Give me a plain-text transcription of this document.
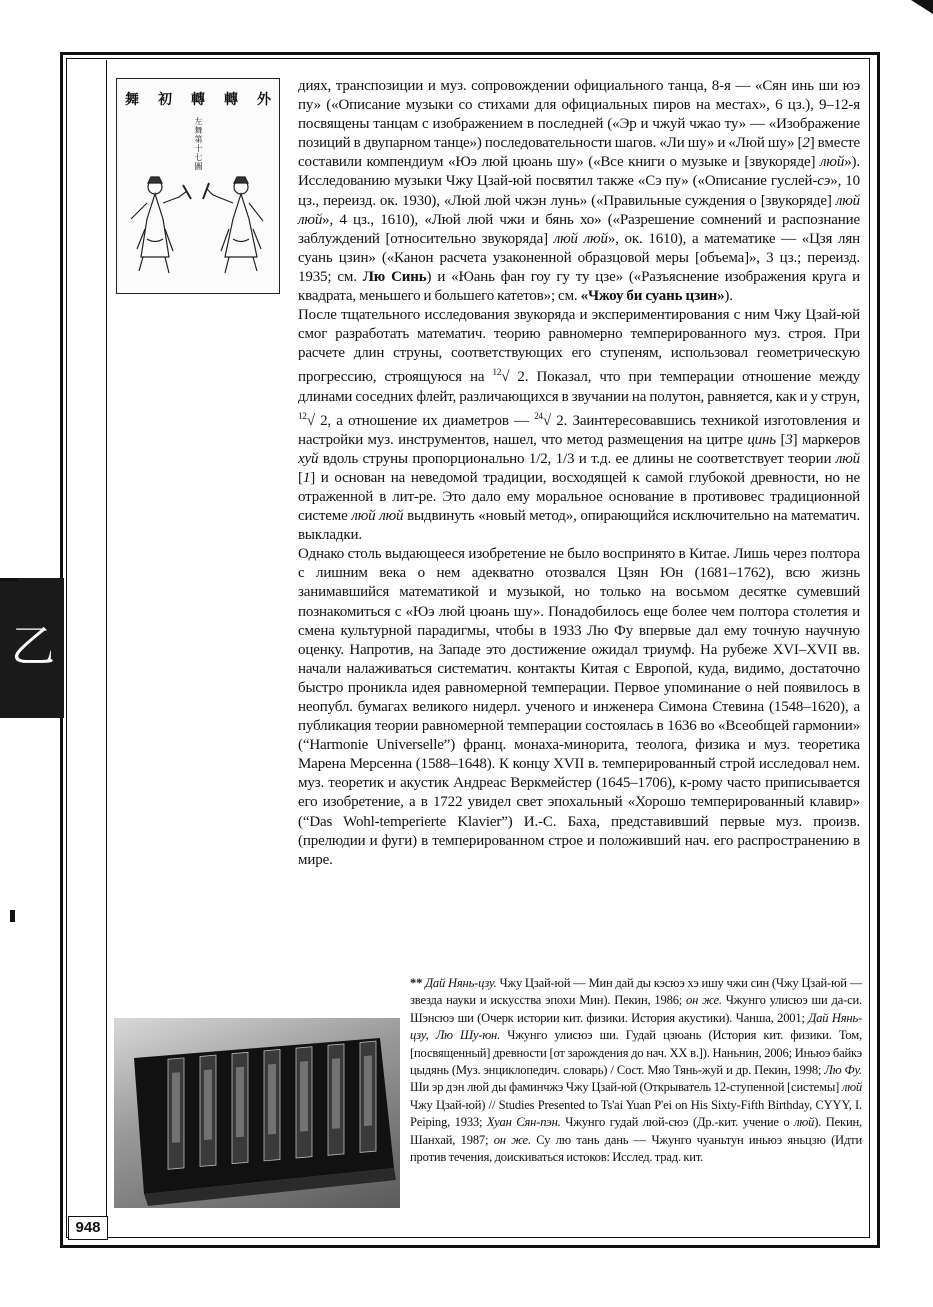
乙
舞 初 轉 轉 外
左舞第十七圖

диях, транспозиции и муз. сопровождении официального танца, 8-я — «Сян инь ши юэ пу» («Описание музыки со стихами для официальных пиров на местах», 6 цз.), 9–12-я посвящены танцам с изображением в последней («Эр и чжуй чжао ту» — «Изображение позиций в двупарном танце») последовательности шагов. «Ли шу» и «Люй шу» [2] вместе составили компендиум «Юэ люй цюань шу» («Все книги о музыке и [звукоряде] люй»). Исследованию музыки Чжу Цзай-юй посвятил также «Сэ пу» («Описание гуслей-сэ», 10 цз., переизд. ок. 1930), «Люй люй чжэн лунь» («Правильные суждения о [звукоряде] люй люй», 4 цз., 1610), «Люй люй чжи и бянь хо» («Разрешение сомнений и распознание заблуждений [относительно звукоряда] люй люй», ок. 1610), а математике — «Цзя лян суань цзин» («Канон расчета узаконенной образцовой меры [объема]», 3 цз.; переизд. 1935; см. Лю Синь) и «Юань фан гоу гу ту цзе» («Разъяснение изображения круга и квадрата, меньшего и большего катетов»; см. «Чжоу би суань цзин»).

После тщательного исследования звукоряда и экспериментирования с ним Чжу Цзай-юй смог разработать математич. теорию равномерно темперированного муз. строя. При расчете длин струны, соответствующих его ступеням, использовал геометрическую прогрессию, строящуюся на $^{12}$√ 2. Показал, что при темперации отношение между длинами соседних флейт, различающихся в звучании на полутон, равняется, как и у струн, $^{12}$√ 2, а отношение их диаметров — $^{24}$√ 2. Заинтересовавшись техникой изготовления и настройки муз. инструментов, нашел, что метод размещения на цитре цинь [3] маркеров хуй вдоль струны пропорционально 1/2, 1/3 и т.д. ее длины не соответствует теории люй [1] и основан на неведомой традиции, восходящей к самой глубокой древности, но не отраженной в лит-ре. Это дало ему моральное основание в противовес традиционной системе люй люй выдвинуть «новый метод», опирающийся исключительно на математич. выкладки.

Однако столь выдающееся изобретение не было воспринято в Китае. Лишь через полтора с лишним века о нем адекватно отозвался Цзян Юн (1681–1762), всю жизнь занимавшийся математикой и музыкой, но только на восьмом десятке сумевший познакомиться с «Юэ люй цюань шу». Понадобилось еще более чем полтора столетия и смена культурной парадигмы, чтобы в 1933 Лю Фу впервые дал ему точную научную оценку. Напротив, на Западе это достижение ожидал триумф. На рубеже XVI–XVII вв. начали налаживаться систематич. контакты Китая с Европой, куда, видимо, достаточно быстро проникла идея равномерной темперации. Первое упоминание о ней появилось в неопубл. бумагах великого нидерл. ученого и инженера Симона Стевина (1548–1620), а публикация теории равномерной темперации состоялась в 1636 во «Всеобщей гармонии» (“Harmonie Universelle”) франц. монаха-минорита, теолога, физика и муз. теоретика Марена Мерсенна (1588–1648). К концу XVII в. темперированный строй исследовал нем. муз. теоретик и акустик Андреас Веркмейстер (1645–1706), к-рому часто приписывается его изобретение, а в 1722 увидел свет эпохальный «Хорошо темперированный клавир» (“Das Wohl-temperierte Klavier”) И.-С. Баха, представивший первые муз. произв. (прелюдии и фуги) в темперированном строе и положивший нач. его распространению в мире.

** Дай Нянь-цзу. Чжу Цзай-юй — Мин дай ды кэсюэ хэ ишу чжи син (Чжу Цзай-юй — звезда науки и искусства эпохи Мин). Пекин, 1986; он же. Чжунго улисюэ ши да-си. Шэнсюэ ши (Очерк истории кит. физики. История акустики). Чанша, 2001; Дай Нянь-цзу, Лю Шу-юн. Чжунго улисюэ ши. Гудай цзюань (История кит. физики. Том, [посвященный] древности [от зарождения до нач. XX в.]). Наньнин, 2006; Иньюэ байкэ цыдянь (Муз. энциклопедич. словарь) / Сост. Мяо Тянь-жуй и др. Пекин, 1998; Лю Фу. Ши эр дэн люй ды фаминчжэ Чжу Цзай-юй (Открыватель 12-ступенной [системы] люй Чжу Цзай-юй) // Studies Presented to Ts'ai Yuan P'ei on His Sixty-Fifth Birthday, CYYY, I. Peiping, 1933; Хуан Сян-пэн. Чжунго гудай люй-сюэ (Др.-кит. учение о люй). Пекин, Шанхай, 1987; он же. Су лю тань дань — Чжунго чуаньтун иньюэ яньцзю (Идти против течения, доискиваться истоков: Исслед. трад. кит.
948
